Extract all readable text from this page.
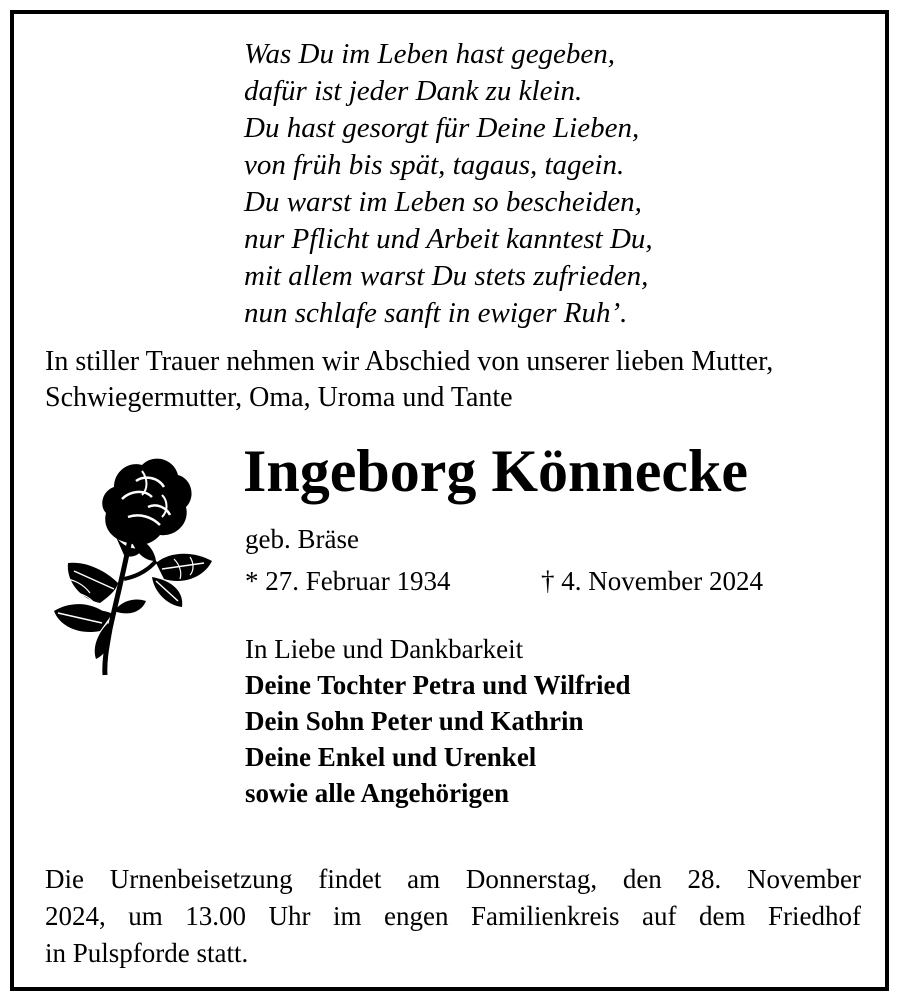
Was Du im Leben hast gegeben,
dafür ist jeder Dank zu klein.
Du hast gesorgt für Deine Lieben,
von früh bis spät, tagaus, tagein.
Du warst im Leben so bescheiden,
nur Pflicht und Arbeit kanntest Du,
mit allem warst Du stets zufrieden,
nun schlafe sanft in ewiger Ruh’.
In stiller Trauer nehmen wir Abschied von unserer lieben Mutter,
Schwiegermutter, Oma, Uroma und Tante
Ingeborg Könnecke
geb. Bräse
* 27. Februar 1934	† 4. November 2024
In Liebe und Dankbarkeit
Deine Tochter Petra und Wilfried
Dein Sohn Peter und Kathrin
Deine Enkel und Urenkel
sowie alle Angehörigen
Die Urnenbeisetzung findet am Donnerstag, den 28. November
2024, um 13.00 Uhr im engen Familienkreis auf dem Friedhof
in Pulspforde statt.
